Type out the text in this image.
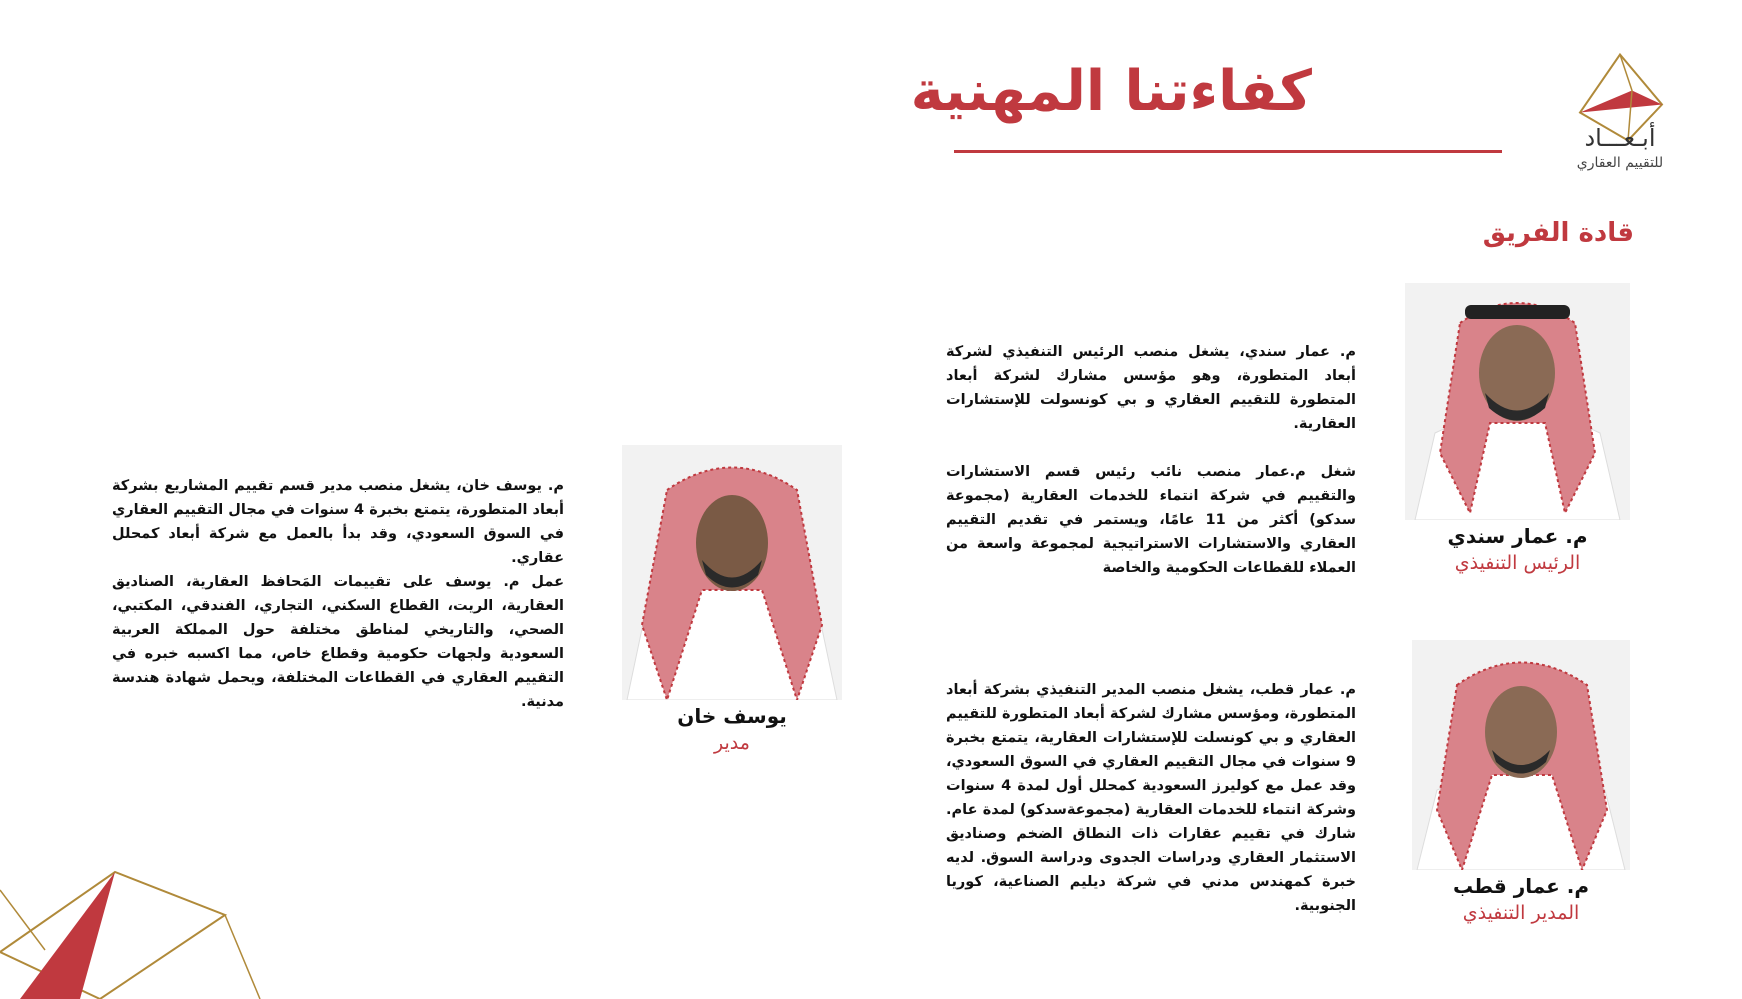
أبـعـــاد
للتقييم العقاري
كفاءتنا المهنية
قادة الفريق
م. عمار سندي
الرئيس التنفيذي

م. عمار سندي، يشغل منصب الرئيس التنفيذي لشركة أبعاد المتطورة، وهو مؤسس مشارك لشركة أبعاد المتطورة للتقييم العقاري و بي كونسولت للإستشارات العقارية.

شغل م.عمار منصب نائب رئيس قسم الاستشارات والتقييم في شركة انتماء للخدمات العقارية (مجموعة سدكو) أكثر من 11 عامًا، ويستمر في تقديم التقييم العقاري والاستشارات الاستراتيجية لمجموعة واسعة من العملاء للقطاعات الحكومية والخاصة

م. عمار قطب
المدير التنفيذي

م. عمار قطب، يشغل منصب المدير التنفيذي بشركة أبعاد المتطورة، ومؤسس مشارك لشركة أبعاد المتطورة للتقييم العقاري و بي كونسلت للإستشارات العقارية، يتمتع بخبرة 9 سنوات في مجال التقييم العقاري في السوق السعودي، وقد عمل مع كوليرز السعودية كمحلل أول لمدة 4 سنوات وشركة انتماء للخدمات العقارية (مجموعةسدكو) لمدة عام. شارك في تقييم عقارات ذات النطاق الضخم وصناديق الاستثمار العقاري ودراسات الجدوى ودراسة السوق. لديه خبرة كمهندس مدني في شركة ديليم الصناعية، كوريا الجنوبية.

يوسف خان
مدير

م. يوسف خان، يشغل منصب مدير قسم تقييم المشاريع بشركة أبعاد المتطورة، يتمتع بخبرة 4 سنوات في مجال التقييم العقاري في السوق السعودي، وقد بدأ بالعمل مع شركة أبعاد كمحلل عقاري.

عمل م. يوسف على تقييمات المَحافظ العقارية، الصناديق العقارية، الريت، القطاع السكني، التجاري، الفندقي، المكتبي، الصحي، والتاريخي لمناطق مختلفة حول المملكة العربية السعودية ولجهات حكومية وقطاع خاص، مما اكسبه خبره في التقييم العقاري في القطاعات المختلفة، ويحمل شهادة هندسة مدنية.
